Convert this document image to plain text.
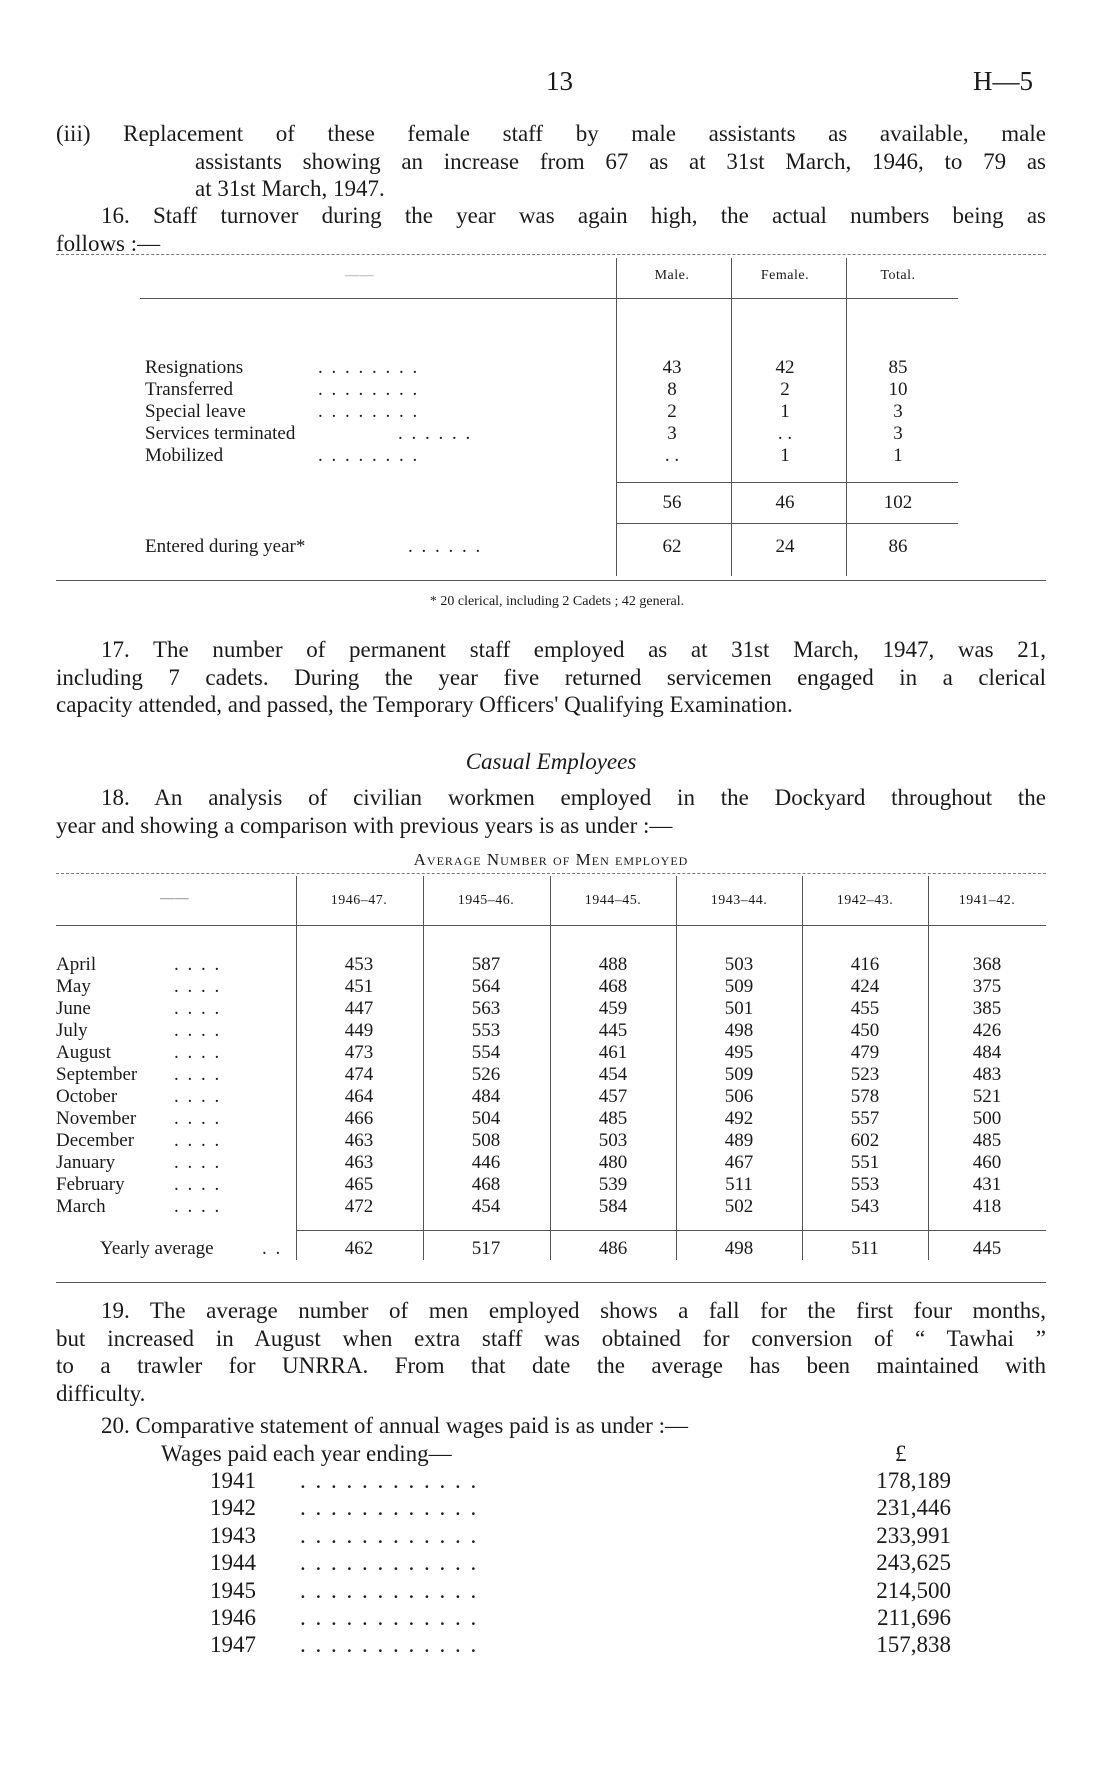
13	H—5
(iii) Replacement of these female staff by male assistants as available, male
assistants showing an increase from 67 as at 31st March, 1946, to 79 as
at 31st March, 1947.
16. Staff turnover during the year was again high, the actual numbers being as
follows :—
——	Male.	Female.	Total.
Resignations	. . . . . . . .	43	42	85
Transferred	. . . . . . . .	8	2	10
Special leave	. . . . . . . .	2	1	3
Services terminated	. . . . . .	3	. .	3
Mobilized	. . . . . . . .	. .	1	1
56	46	102
Entered during year*	. . . . . .	62	24	86
* 20 clerical, including 2 Cadets ; 42 general.
17. The number of permanent staff employed as at 31st March, 1947, was 21,
including 7 cadets. During the year five returned servicemen engaged in a clerical
capacity attended, and passed, the Temporary Officers' Qualifying Examination.
Casual Employees
18. An analysis of civilian workmen employed in the Dockyard throughout the
year and showing a comparison with previous years is as under :—
Average Number of Men employed
——	1946–47.	1945–46.	1944–45.	1943–44.	1942–43.	1941–42.
April	. . . .	453	587	488	503	416	368
May	. . . .	451	564	468	509	424	375
June	. . . .	447	563	459	501	455	385
July	. . . .	449	553	445	498	450	426
August	. . . .	473	554	461	495	479	484
September . . . .	474	526	454	509	523	483
October	. . . .	464	484	457	506	578	521
November . . . .	466	504	485	492	557	500
December . . . .	463	508	503	489	602	485
January	. . . .	463	446	480	467	551	460
February	. . . .	465	468	539	511	553	431
March	. . . .	472	454	584	502	543	418
Yearly average	. .	462	517	486	498	511	445
19. The average number of men employed shows a fall for the first four months,
but increased in August when extra staff was obtained for conversion of “ Tawhai ”
to a trawler for UNRRA. From that date the average has been maintained with
difficulty.
20. Comparative statement of annual wages paid is as under :—
Wages paid each year ending—	£
1941 . . . . . . . . . . . .	178,189
1942 . . . . . . . . . . . .	231,446
1943 . . . . . . . . . . . .	233,991
1944 . . . . . . . . . . . .	243,625
1945 . . . . . . . . . . . .	214,500
1946 . . . . . . . . . . . .	211,696
1947 . . . . . . . . . . . .	157,838
